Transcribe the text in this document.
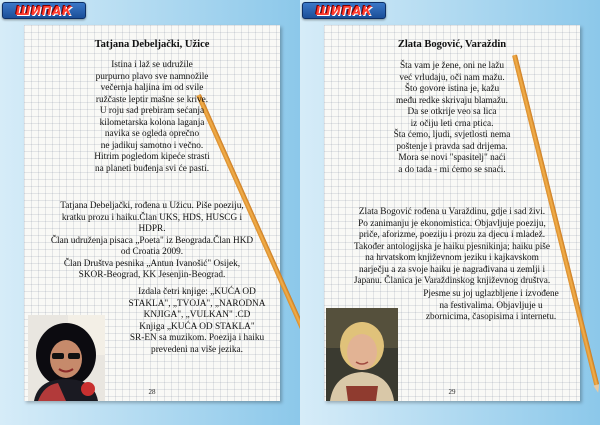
ШИПАК
Tatjana Debeljački, Užice
Istina i laž se udružile
purpurno plavo sve namnožile
večernja haljina im od svile
ružčaste leptir mašne se krive.
U roju sad prebiram sećanja
kilometarska kolona laganja
navika se ogleda oprečno
ne jadikuj samotno i večno.
Hitrim pogledom kipeće strasti
na planeti buđenja svi će pasti.
Tatjana Debeljački, rođena u Užicu. Piše poeziju,
kratku prozu i haiku.Član UKS, HDS, HUSCG i
HDPR.
Član udruženja pisaca „Poeta" iz Beograda.Član HKD
od Croatia 2009.
Član Društva pesnika „Antun Ivanošić" Osijek,
SKOR-Beograd, KK Jesenjin-Beograd.
Izdala četri knjige: „KUĆA OD
STAKLA", „TVOJA", „NARODNA
KNJIGA", „VULKAN" .CD
Knjiga „KUĆA OD STAKLA"
SR-EN sa muzikom. Poezija i haiku
prevedeni na više jezika.
28
ШИПАК
Zlata Bogović, Varaždin
Šta vam je žene, oni ne lažu
već vrludaju, oči nam mažu.
Što govore istina je, kažu
među redke skrivaju blamažu.
Da se otkrije veo sa lica
iz očiju leti crna ptica.
Šta ćemo, ljudi, svjetlosti nema
poštenje i pravda sad drijema.
Mora se novi "spasitelj" naći
a do tada - mi ćemo se snaći.
Zlata Bogović rođena u Varaždinu, gdje i sad živi.
Po zanimanju je ekonomistica. Objavljuje poeziju,
priče, aforizme, poeziju i prozu za djecu i mladež.
Također antologijska je haiku pjesnikinja; haiku piše
na hrvatskom književnom jeziku i kajkavskom
narječju a za svoje haiku je nagrađivana u zemlji i
Japanu. Članica je Varaždinskog književnog društva.
Pjesme su joj uglazbljene i izvođene
na festivalima. Objavljuje u
zbornicima, časopisima i internetu.
29
